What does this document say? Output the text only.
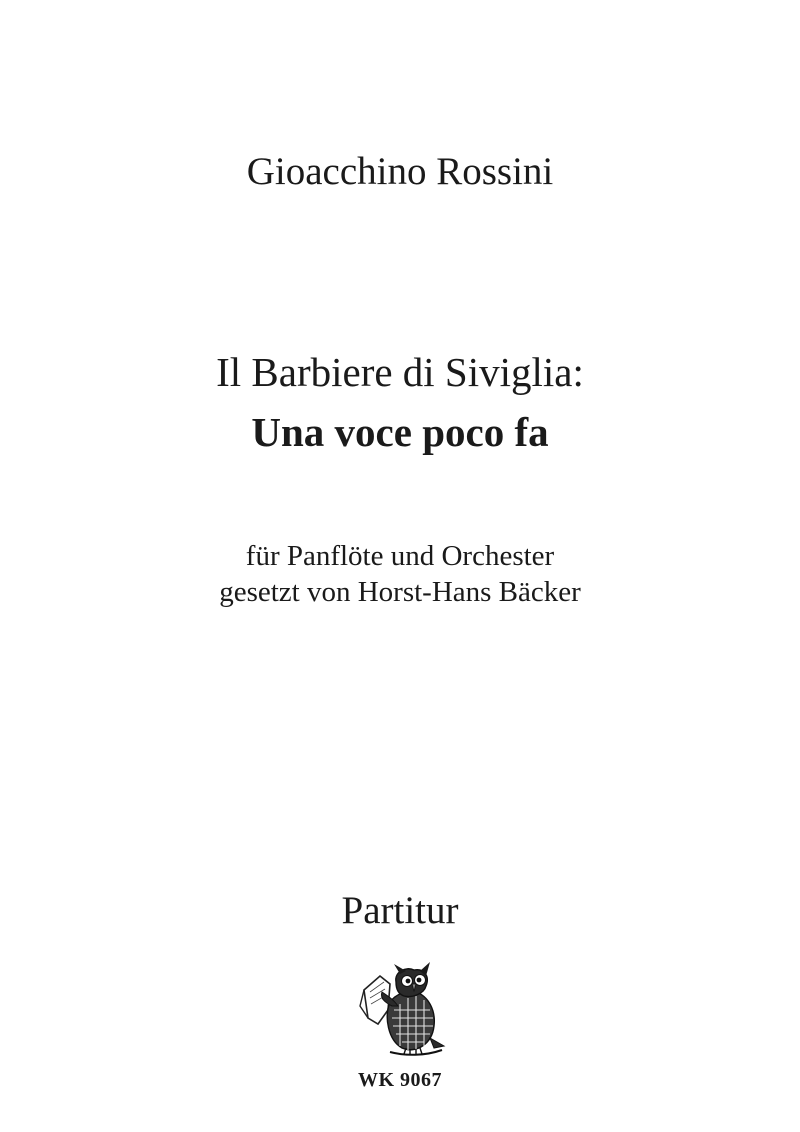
Gioacchino Rossini
Il Barbiere di Siviglia:
Una voce poco fa
für Panflöte und Orchester
gesetzt von Horst-Hans Bäcker
Partitur
WK 9067
